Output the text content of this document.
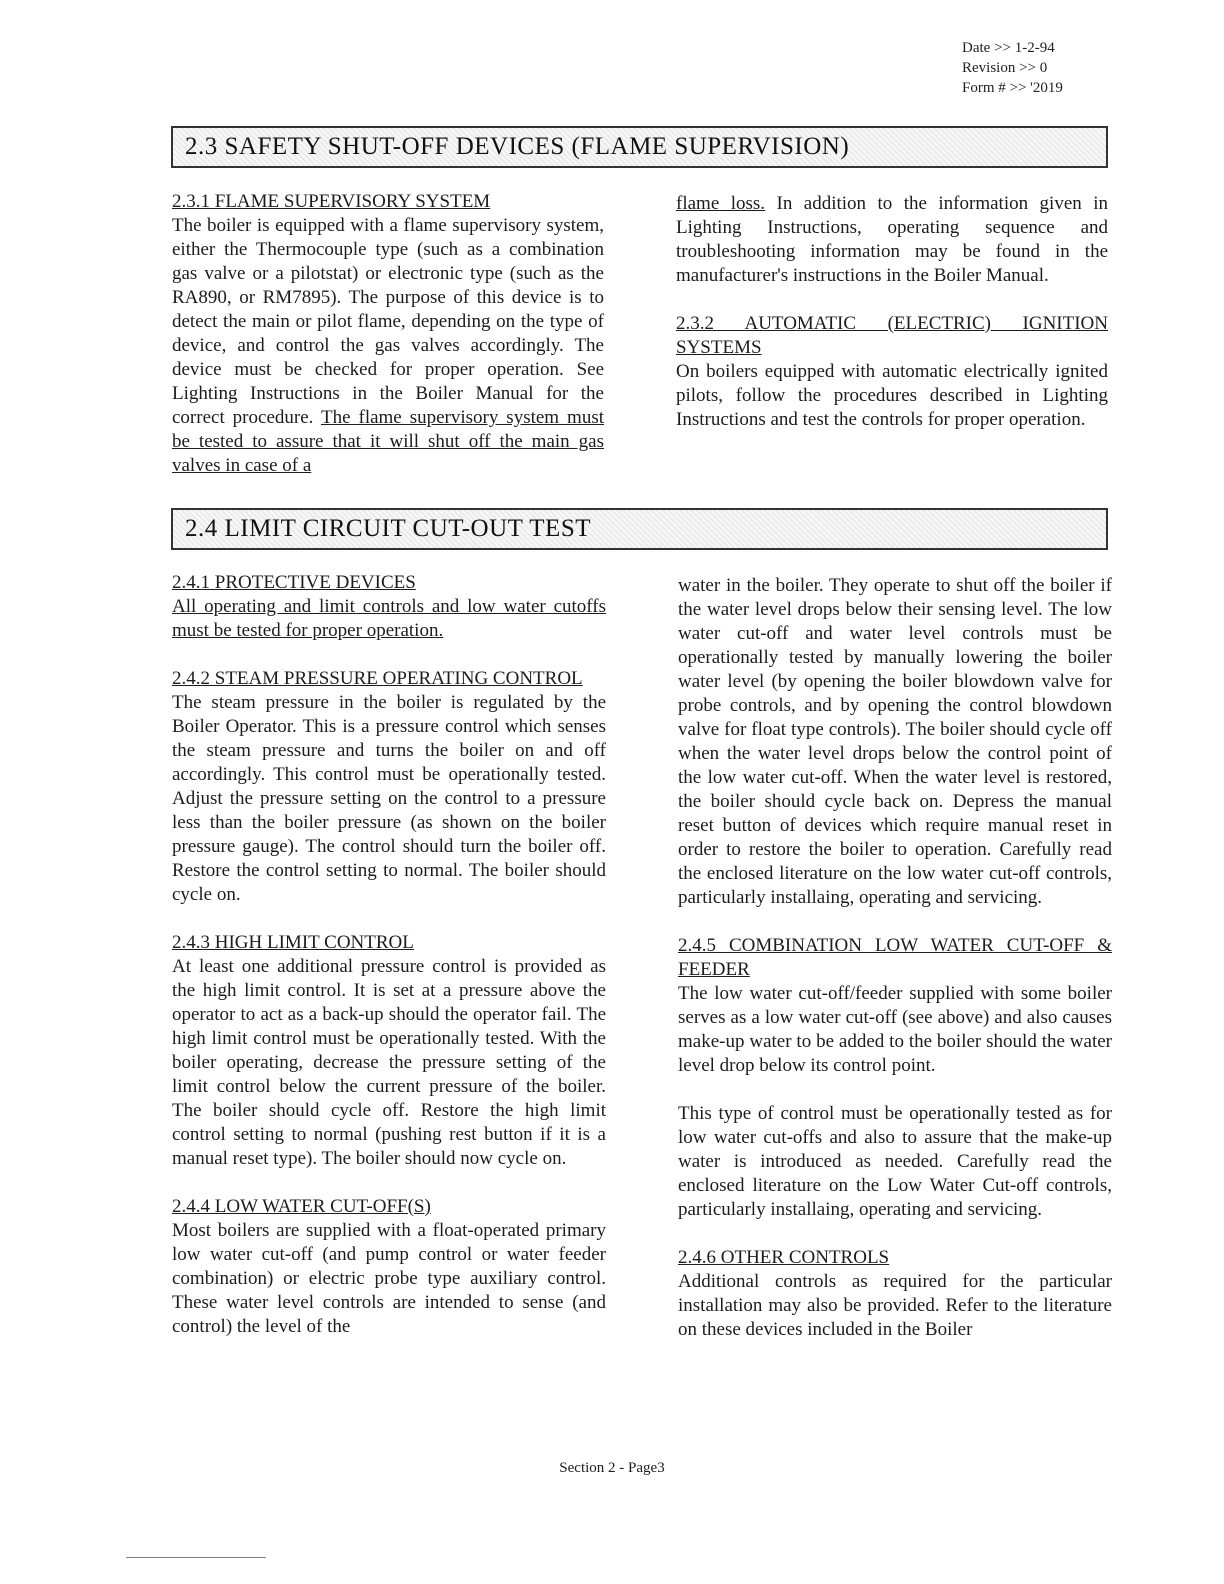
Date >> 1-2-94
Revision >> 0
Form # >> '2019
2.3 SAFETY SHUT-OFF DEVICES (FLAME SUPERVISION)

2.3.1 FLAME SUPERVISORY SYSTEM

The boiler is equipped with a flame supervisory system, either the Thermocouple type (such as a combination gas valve or a pilotstat) or electronic type (such as the RA890, or RM7895). The purpose of this device is to detect the main or pilot flame, depending on the type of device, and control the gas valves accordingly. The device must be checked for proper operation. See Lighting Instructions in the Boiler Manual for the correct procedure. The flame supervisory system must be tested to assure that it will shut off the main gas valves in case of a

flame loss. In addition to the information given in Lighting Instructions, operating sequence and troubleshooting information may be found in the manufacturer's instructions in the Boiler Manual.

2.3.2 AUTOMATIC (ELECTRIC) IGNITION SYSTEMS

On boilers equipped with automatic electrically ignited pilots, follow the procedures described in Lighting Instructions and test the controls for proper operation.

2.4 LIMIT CIRCUIT CUT-OUT TEST

2.4.1 PROTECTIVE DEVICES

All operating and limit controls and low water cutoffs must be tested for proper operation.

2.4.2 STEAM PRESSURE OPERATING CONTROL

The steam pressure in the boiler is regulated by the Boiler Operator. This is a pressure control which senses the steam pressure and turns the boiler on and off accordingly. This control must be operationally tested. Adjust the pressure setting on the control to a pressure less than the boiler pressure (as shown on the boiler pressure gauge). The control should turn the boiler off. Restore the control setting to normal. The boiler should cycle on.

2.4.3 HIGH LIMIT CONTROL

At least one additional pressure control is provided as the high limit control. It is set at a pressure above the operator to act as a back-up should the operator fail. The high limit control must be operationally tested. With the boiler operating, decrease the pressure setting of the limit control below the current pressure of the boiler. The boiler should cycle off. Restore the high limit control setting to normal (pushing rest button if it is a manual reset type). The boiler should now cycle on.

2.4.4 LOW WATER CUT-OFF(S)

Most boilers are supplied with a float-operated primary low water cut-off (and pump control or water feeder combination) or electric probe type auxiliary control. These water level controls are intended to sense (and control) the level of the

water in the boiler. They operate to shut off the boiler if the water level drops below their sensing level. The low water cut-off and water level controls must be operationally tested by manually lowering the boiler water level (by opening the boiler blowdown valve for probe controls, and by opening the control blowdown valve for float type controls). The boiler should cycle off when the water level drops below the control point of the low water cut-off. When the water level is restored, the boiler should cycle back on. Depress the manual reset button of devices which require manual reset in order to restore the boiler to operation. Carefully read the enclosed literature on the low water cut-off controls, particularly installaing, operating and servicing.

2.4.5 COMBINATION LOW WATER CUT-OFF & FEEDER

The low water cut-off/feeder supplied with some boiler serves as a low water cut-off (see above) and also causes make-up water to be added to the boiler should the water level drop below its control point.

This type of control must be operationally tested as for low water cut-offs and also to assure that the make-up water is introduced as needed. Carefully read the enclosed literature on the Low Water Cut-off controls, particularly installaing, operating and servicing.

2.4.6 OTHER CONTROLS

Additional controls as required for the particular installation may also be provided. Refer to the literature on these devices included in the Boiler

Section 2 - Page3
